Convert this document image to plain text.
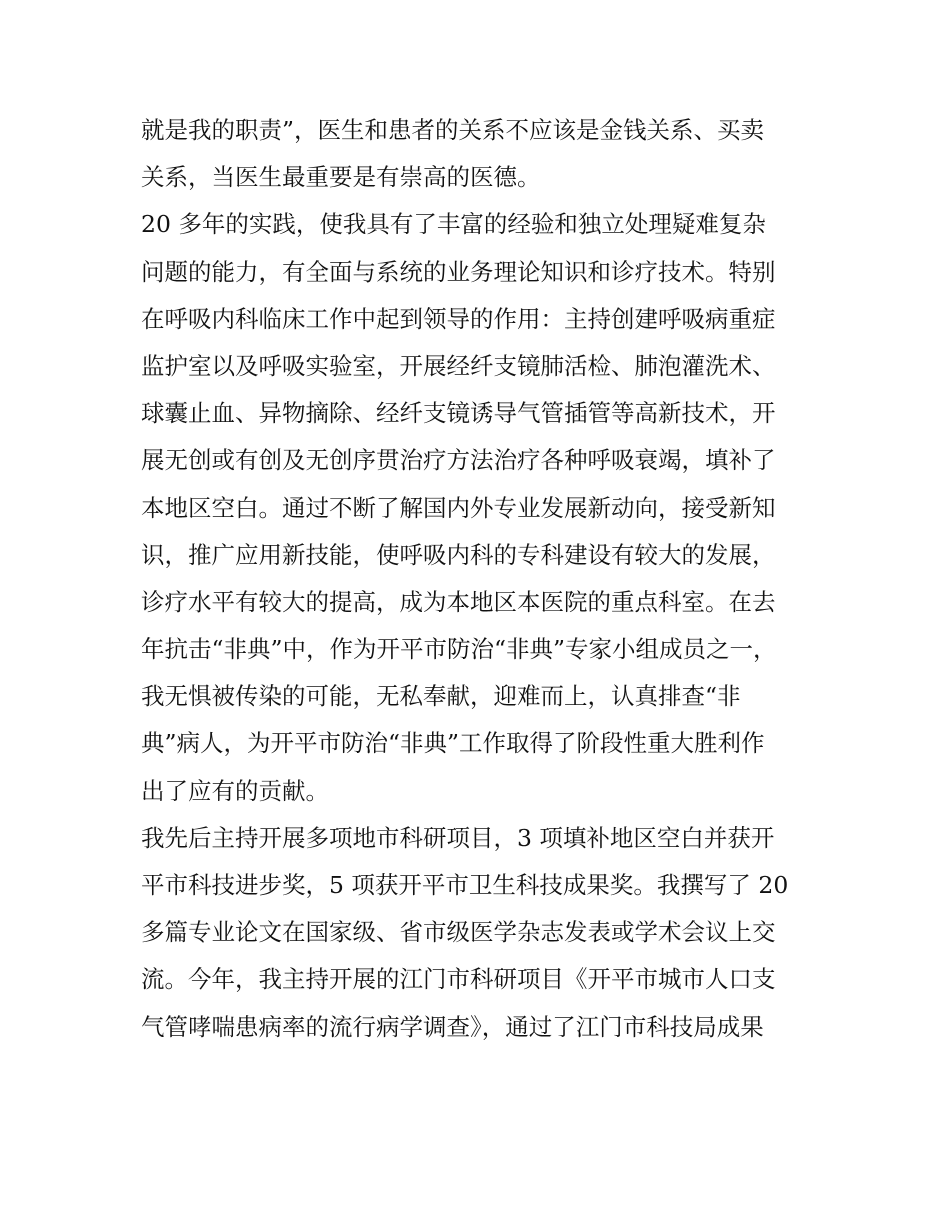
就是我的职责”，医生和患者的关系不应该是金钱关系、买卖
关系，当医生最重要是有崇高的医德。
20 多年的实践，使我具有了丰富的经验和独立处理疑难复杂
问题的能力，有全面与系统的业务理论知识和诊疗技术。特别
在呼吸内科临床工作中起到领导的作用：主持创建呼吸病重症
监护室以及呼吸实验室，开展经纤支镜肺活检、肺泡灌洗术、
球囊止血、异物摘除、经纤支镜诱导气管插管等高新技术，开
展无创或有创及无创序贯治疗方法治疗各种呼吸衰竭，填补了
本地区空白。通过不断了解国内外专业发展新动向，接受新知
识，推广应用新技能，使呼吸内科的专科建设有较大的发展，
诊疗水平有较大的提高，成为本地区本医院的重点科室。在去
年抗击“非典”中，作为开平市防治“非典”专家小组成员之一，
我无惧被传染的可能，无私奉献，迎难而上，认真排查“非
典”病人，为开平市防治“非典”工作取得了阶段性重大胜利作
出了应有的贡献。
我先后主持开展多项地市科研项目，3 项填补地区空白并获开
平市科技进步奖，5 项获开平市卫生科技成果奖。我撰写了 20
多篇专业论文在国家级、省市级医学杂志发表或学术会议上交
流。今年，我主持开展的江门市科研项目《开平市城市人口支
气管哮喘患病率的流行病学调查》，通过了江门市科技局成果
